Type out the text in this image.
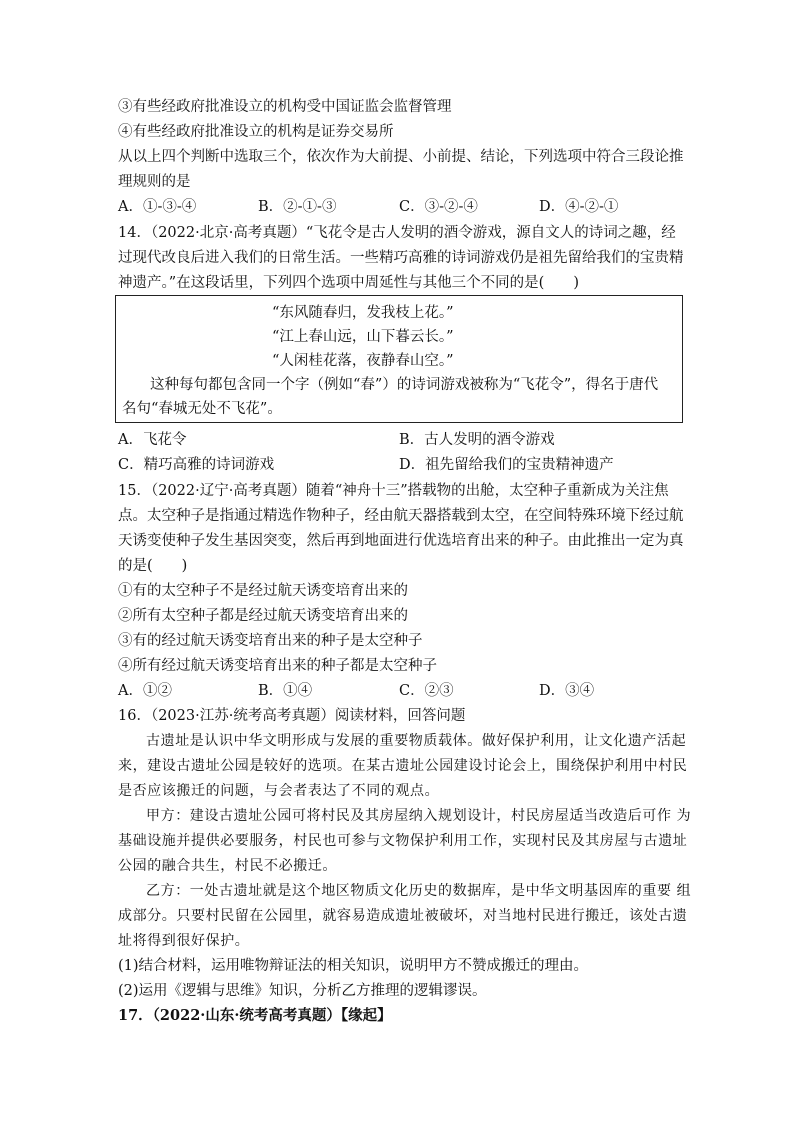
③有些经政府批准设立的机构受中国证监会监督管理
④有些经政府批准设立的机构是证券交易所
从以上四个判断中选取三个，依次作为大前提、小前提、结论，下列选项中符合三段论推
理规则的是
A．①-③-④	B．②-①-③	C．③-②-④	D．④-②-①
14．（2022·北京·高考真题）“飞花令是古人发明的酒令游戏，源自文人的诗词之趣，经
过现代改良后进入我们的日常生活。一些精巧高雅的诗词游戏仍是祖先留给我们的宝贵精
神遗产。”在这段话里，下列四个选项中周延性与其他三个不同的是(　　)
“东风随春归，发我枝上花。”
“江上春山远，山下暮云长。”
“人闲桂花落，夜静春山空。”
这种每句都包含同一个字（例如“春”）的诗词游戏被称为“飞花令”，得名于唐代
名句“春城无处不飞花”。
A．飞花令	B．古人发明的酒令游戏
C．精巧高雅的诗词游戏	D．祖先留给我们的宝贵精神遗产
15．（2022·辽宁·高考真题）随着“神舟十三”搭载物的出舱，太空种子重新成为关注焦
点。太空种子是指通过精选作物种子，经由航天器搭载到太空，在空间特殊环境下经过航
天诱变使种子发生基因突变，然后再到地面进行优选培育出来的种子。由此推出一定为真
的是(　　)
①有的太空种子不是经过航天诱变培育出来的
②所有太空种子都是经过航天诱变培育出来的
③有的经过航天诱变培育出来的种子是太空种子
④所有经过航天诱变培育出来的种子都是太空种子
A．①②	B．①④	C．②③	D．③④
16．（2023·江苏·统考高考真题）阅读材料，回答问题
古遗址是认识中华文明形成与发展的重要物质载体。做好保护利用，让文化遗产活起
来，建设古遗址公园是较好的选项。在某古遗址公园建设讨论会上，围绕保护利用中村民
是否应该搬迁的问题，与会者表达了不同的观点。
甲方：建设古遗址公园可将村民及其房屋纳入规划设计，村民房屋适当改造后可作 为
基础设施并提供必要服务，村民也可参与文物保护利用工作，实现村民及其房屋与古遗址
公园的融合共生，村民不必搬迁。
乙方：一处古遗址就是这个地区物质文化历史的数据库，是中华文明基因库的重要 组
成部分。只要村民留在公园里，就容易造成遗址被破坏，对当地村民进行搬迁，该处古遗
址将得到很好保护。
(1)结合材料，运用唯物辩证法的相关知识，说明甲方不赞成搬迁的理由。
(2)运用《逻辑与思维》知识，分析乙方推理的逻辑谬误。
17．（2022·山东·统考高考真题）【缘起】
